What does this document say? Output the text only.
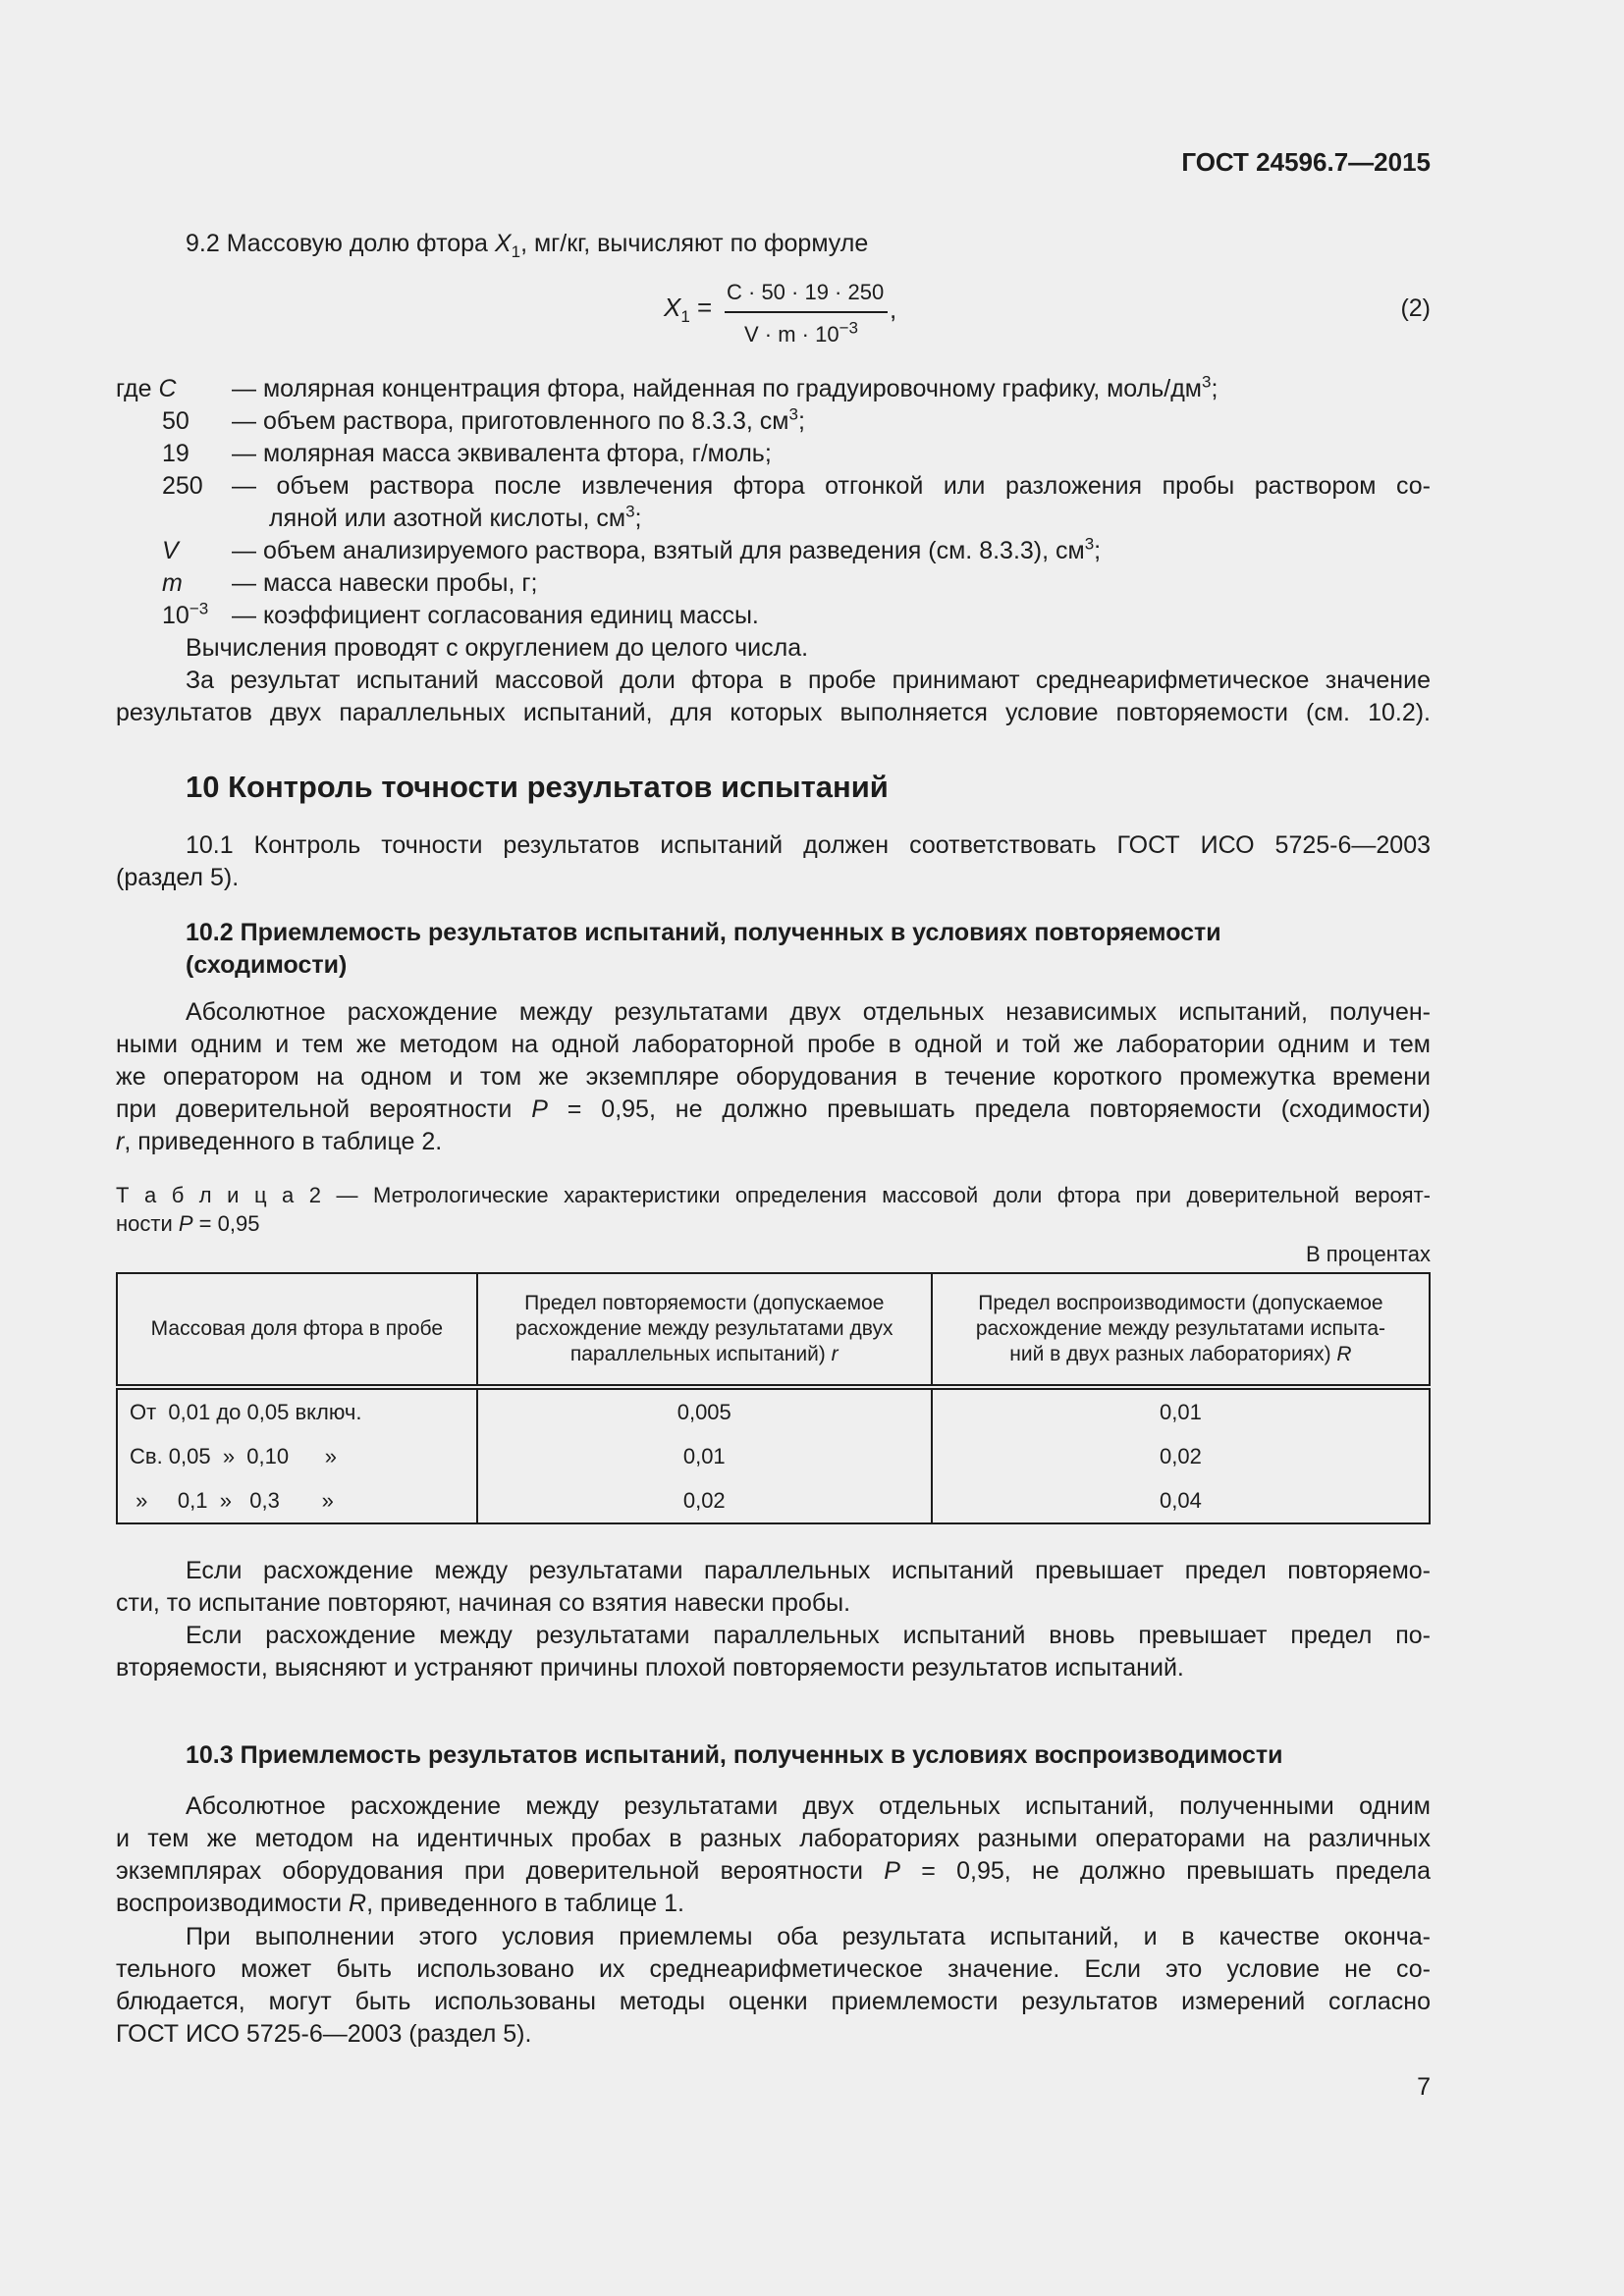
ГОСТ 24596.7—2015
9.2 Массовую долю фтора $X_1$, мг/кг, вычисляют по формуле
$X_1$ =
C · 50 · 19 · 250
$V \cdot m \cdot 10^{-3}$
,	(2)
где C — молярная концентрация фтора, найденная по градуировочному графику, моль/$дм^3$;
50 — объем раствора, приготовленного по 8.3.3, $см^3$;
19 — молярная масса эквивалента фтора, г/моль;
250 — объем раствора после извлечения фтора отгонкой или разложения пробы раствором со-
ляной или азотной кислоты, $см^3$;
V — объем анализируемого раствора, взятый для разведения (см. 8.3.3), $см^3$;
m — масса навески пробы, г;
$10^{-3}$ — коэффициент согласования единиц массы.
Вычисления проводят с округлением до целого числа.
За результат испытаний массовой доли фтора в пробе принимают среднеарифметическое значение
результатов двух параллельных испытаний, для которых выполняется условие повторяемости (см. 10.2).
10 Контроль точности результатов испытаний
10.1 Контроль точности результатов испытаний должен соответствовать ГОСТ ИСО 5725-6—2003
(раздел 5).
10.2 Приемлемость результатов испытаний, полученных в условиях повторяемости
(сходимости)
Абсолютное расхождение между результатами двух отдельных независимых испытаний, получен-
ными одним и тем же методом на одной лабораторной пробе в одной и той же лаборатории одним и тем
же оператором на одном и том же экземпляре оборудования в течение короткого промежутка времени
при доверительной вероятности P = 0,95, не должно превышать предела повторяемости (сходимости)
r, приведенного в таблице 2.
Т а б л и ц а 2 — Метрологические характеристики определения массовой доли фтора при доверительной вероят-
ности P = 0,95
В процентах
Массовая доля фтора в пробе	Предел повторяемости (допускаемое
расхождение между результатами двух
параллельных испытаний) r	Предел воспроизводимости (допускаемое
расхождение между результатами испыта-
ний в двух разных лабораториях) R
От  0,01 до 0,05 включ.	0,005	0,01
Св. 0,05  »  0,10      »	0,01	0,02
»     0,1  »   0,3       »	0,02	0,04
Если расхождение между результатами параллельных испытаний превышает предел повторяемо-
сти, то испытание повторяют, начиная со взятия навески пробы.
Если расхождение между результатами параллельных испытаний вновь превышает предел по-
вторяемости, выясняют и устраняют причины плохой повторяемости результатов испытаний.
10.3 Приемлемость результатов испытаний, полученных в условиях воспроизводимости
Абсолютное расхождение между результатами двух отдельных испытаний, полученными одним
и тем же методом на идентичных пробах в разных лабораториях разными операторами на различных
экземплярах оборудования при доверительной вероятности P = 0,95, не должно превышать предела
воспроизводимости R, приведенного в таблице 1.
При выполнении этого условия приемлемы оба результата испытаний, и в качестве оконча-
тельного может быть использовано их среднеарифметическое значение. Если это условие не со-
блюдается, могут быть использованы методы оценки приемлемости результатов измерений согласно
ГОСТ ИСО 5725-6—2003 (раздел 5).
7
